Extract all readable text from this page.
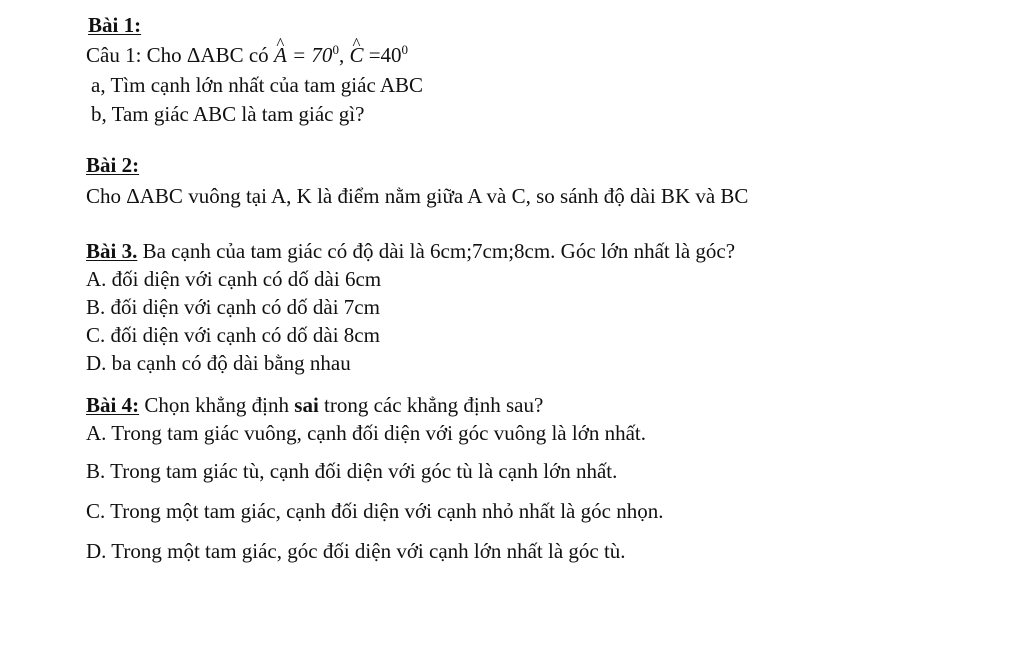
Bài 1:
Câu 1: Cho ΔABC có ^ $A = 70^0$, ^ $C =40^0$
a, Tìm cạnh lớn nhất của tam giác ABC
b, Tam giác ABC là tam giác gì?
Bài 2:
Cho ΔABC vuông tại A, K là điểm nằm giữa A và C, so sánh độ dài BK và BC
Bài 3. Ba cạnh của tam giác có độ dài là 6cm;7cm;8cm. Góc lớn nhất là góc?
A. đối diện với cạnh có dố dài 6cm
B. đối diện với cạnh có dố dài 7cm
C. đối diện với cạnh có dố dài 8cm
D. ba cạnh có độ dài bằng nhau
Bài 4: Chọn khẳng định sai trong các khẳng định sau?
A. Trong tam giác vuông, cạnh đối diện với góc vuông là lớn nhất.
B. Trong tam giác tù, cạnh đối diện với góc tù là cạnh lớn nhất.
C. Trong một tam giác, cạnh đối diện với cạnh nhỏ nhất là góc nhọn.
D. Trong một tam giác, góc đối diện với cạnh lớn nhất là góc tù.
